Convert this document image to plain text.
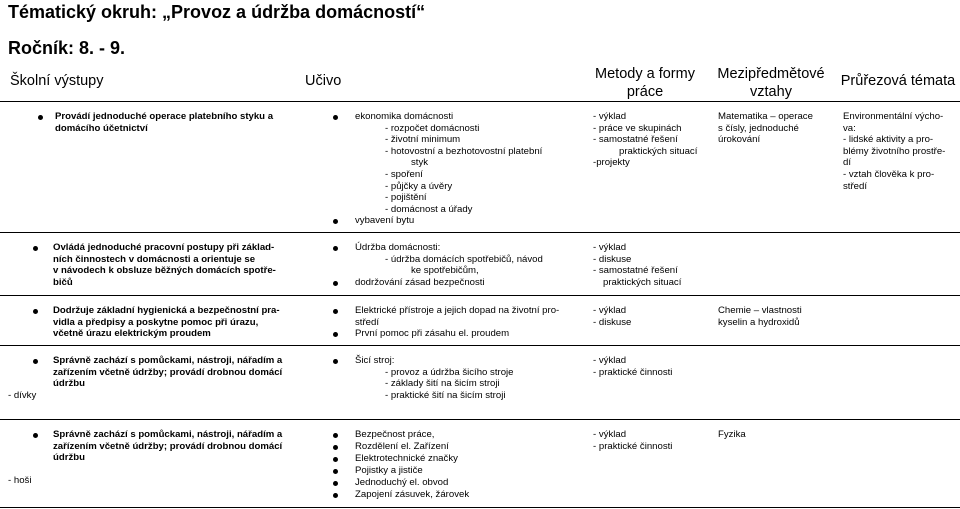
Tématický okruh: „Provoz a údržba domácností“
Ročník: 8. - 9.
Školní výstupy	Učivo	Metody a formy práce
Mezipředmětové vztahy
Průřezová témata
Provádí jednoduché operace platebního styku a
domácího účetnictví
ekonomika domácnosti
- rozpočet domácnosti
- životní minimum
- hotovostní a bezhotovostní platební
styk
- spoření
- půjčky a úvěry
- pojištění
- domácnost a úřady
vybavení bytu
- výklad
- práce ve skupinách
- samostatné řešení
praktických situací
-projekty
Matematika – operace
s čísly, jednoduché
úrokování
Environmentální výcho-
va:
- lidské aktivity a pro-
blémy životního prostře-
dí
- vztah člověka k pro-
středí
Ovládá jednoduché pracovní postupy při základ-
ních činnostech v domácnosti a orientuje se
v návodech k obsluze běžných domácích spotře-
bičů
Údržba domácnosti:
- údržba domácích spotřebičů, návod
ke spotřebičům,
dodržování zásad bezpečnosti
- výklad
- diskuse
- samostatné řešení
praktických situací
Dodržuje základní hygienická a bezpečnostní pra-
vidla a předpisy a poskytne pomoc při úrazu,
včetně úrazu elektrickým proudem
Elektrické přístroje a jejich dopad na životní pro-
středí
První pomoc při zásahu el. proudem
- výklad
- diskuse
Chemie – vlastnosti
kyselin a hydroxidů
- dívky
Správně zachází s pomůckami, nástroji, nářadím a
zařízením včetně údržby; provádí drobnou domácí
údržbu
Šicí stroj:
- provoz a údržba šicího stroje
- základy šití na šicím stroji
- praktické šití na šicím stroji
- výklad
- praktické činnosti
- hoši
Správně zachází s pomůckami, nástroji, nářadím a
zařízením včetně údržby; provádí drobnou domácí
údržbu
Bezpečnost práce,
Rozdělení el. Zařízení
Elektrotechnické značky
Pojistky a jističe
Jednoduchý el. obvod
Zapojení zásuvek, žárovek
- výklad
- praktické činnosti
Fyzika
